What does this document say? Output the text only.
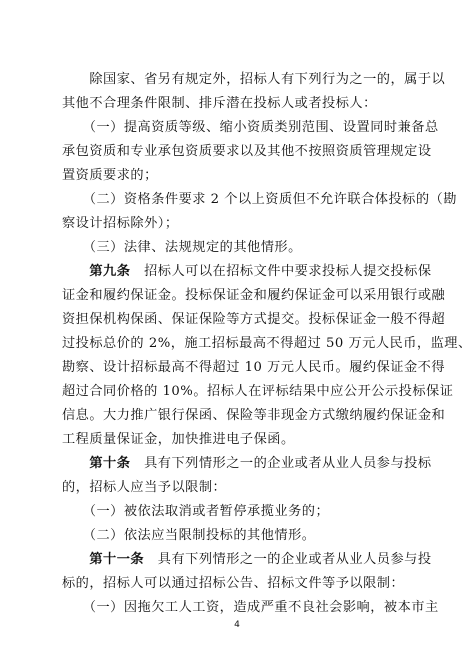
　　除国家、省另有规定外，招标人有下列行为之一的，属于以
其他不合理条件限制、排斥潜在投标人或者投标人：
　　（一）提高资质等级、缩小资质类别范围、设置同时兼备总
承包资质和专业承包资质要求以及其他不按照资质管理规定设
置资质要求的；
　　（二）资格条件要求 2 个以上资质但不允许联合体投标的（勘
察设计招标除外）；
　　（三）法律、法规规定的其他情形。
　　第九条　招标人可以在招标文件中要求投标人提交投标保
证金和履约保证金。投标保证金和履约保证金可以采用银行或融
资担保机构保函、保证保险等方式提交。投标保证金一般不得超
过投标总价的 2%，施工招标最高不得超过 50 万元人民币，监理、
勘察、设计招标最高不得超过 10 万元人民币。履约保证金不得
超过合同价格的 10%。招标人在评标结果中应公开公示投标保证
信息。大力推广银行保函、保险等非现金方式缴纳履约保证金和
工程质量保证金，加快推进电子保函。
　　第十条　具有下列情形之一的企业或者从业人员参与投标
的，招标人应当予以限制：
　　（一）被依法取消或者暂停承揽业务的；
　　（二）依法应当限制投标的其他情形。
　　第十一条　具有下列情形之一的企业或者从业人员参与投
标的，招标人可以通过招标公告、招标文件等予以限制：
　　（一）因拖欠工人工资，造成严重不良社会影响，被本市主
4
